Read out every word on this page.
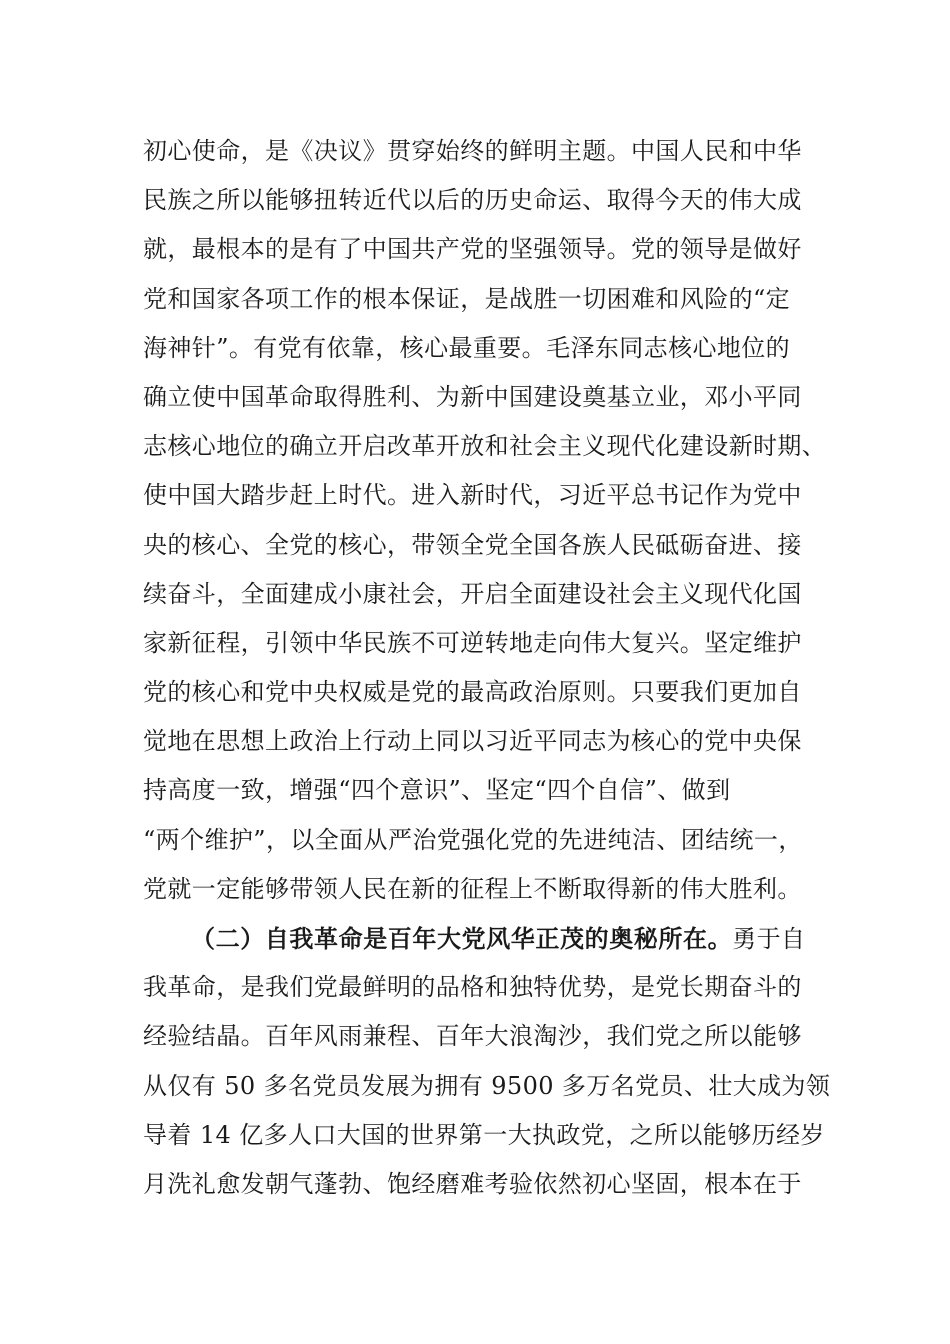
初心使命，是《决议》贯穿始终的鲜明主题。中国人民和中华
民族之所以能够扭转近代以后的历史命运、取得今天的伟大成
就，最根本的是有了中国共产党的坚强领导。党的领导是做好
党和国家各项工作的根本保证，是战胜一切困难和风险的“定
海神针”。有党有依靠，核心最重要。毛泽东同志核心地位的
确立使中国革命取得胜利、为新中国建设奠基立业，邓小平同
志核心地位的确立开启改革开放和社会主义现代化建设新时期、
使中国大踏步赶上时代。进入新时代，习近平总书记作为党中
央的核心、全党的核心，带领全党全国各族人民砥砺奋进、接
续奋斗，全面建成小康社会，开启全面建设社会主义现代化国
家新征程，引领中华民族不可逆转地走向伟大复兴。坚定维护
党的核心和党中央权威是党的最高政治原则。只要我们更加自
觉地在思想上政治上行动上同以习近平同志为核心的党中央保
持高度一致，增强“四个意识”、坚定“四个自信”、做到
“两个维护”，以全面从严治党强化党的先进纯洁、团结统一，
党就一定能够带领人民在新的征程上不断取得新的伟大胜利。
（二）自我革命是百年大党风华正茂的奥秘所在。勇于自
我革命，是我们党最鲜明的品格和独特优势，是党长期奋斗的
经验结晶。百年风雨兼程、百年大浪淘沙，我们党之所以能够
从仅有 50 多名党员发展为拥有 9500 多万名党员、壮大成为领
导着 14 亿多人口大国的世界第一大执政党，之所以能够历经岁
月洗礼愈发朝气蓬勃、饱经磨难考验依然初心坚固，根本在于
